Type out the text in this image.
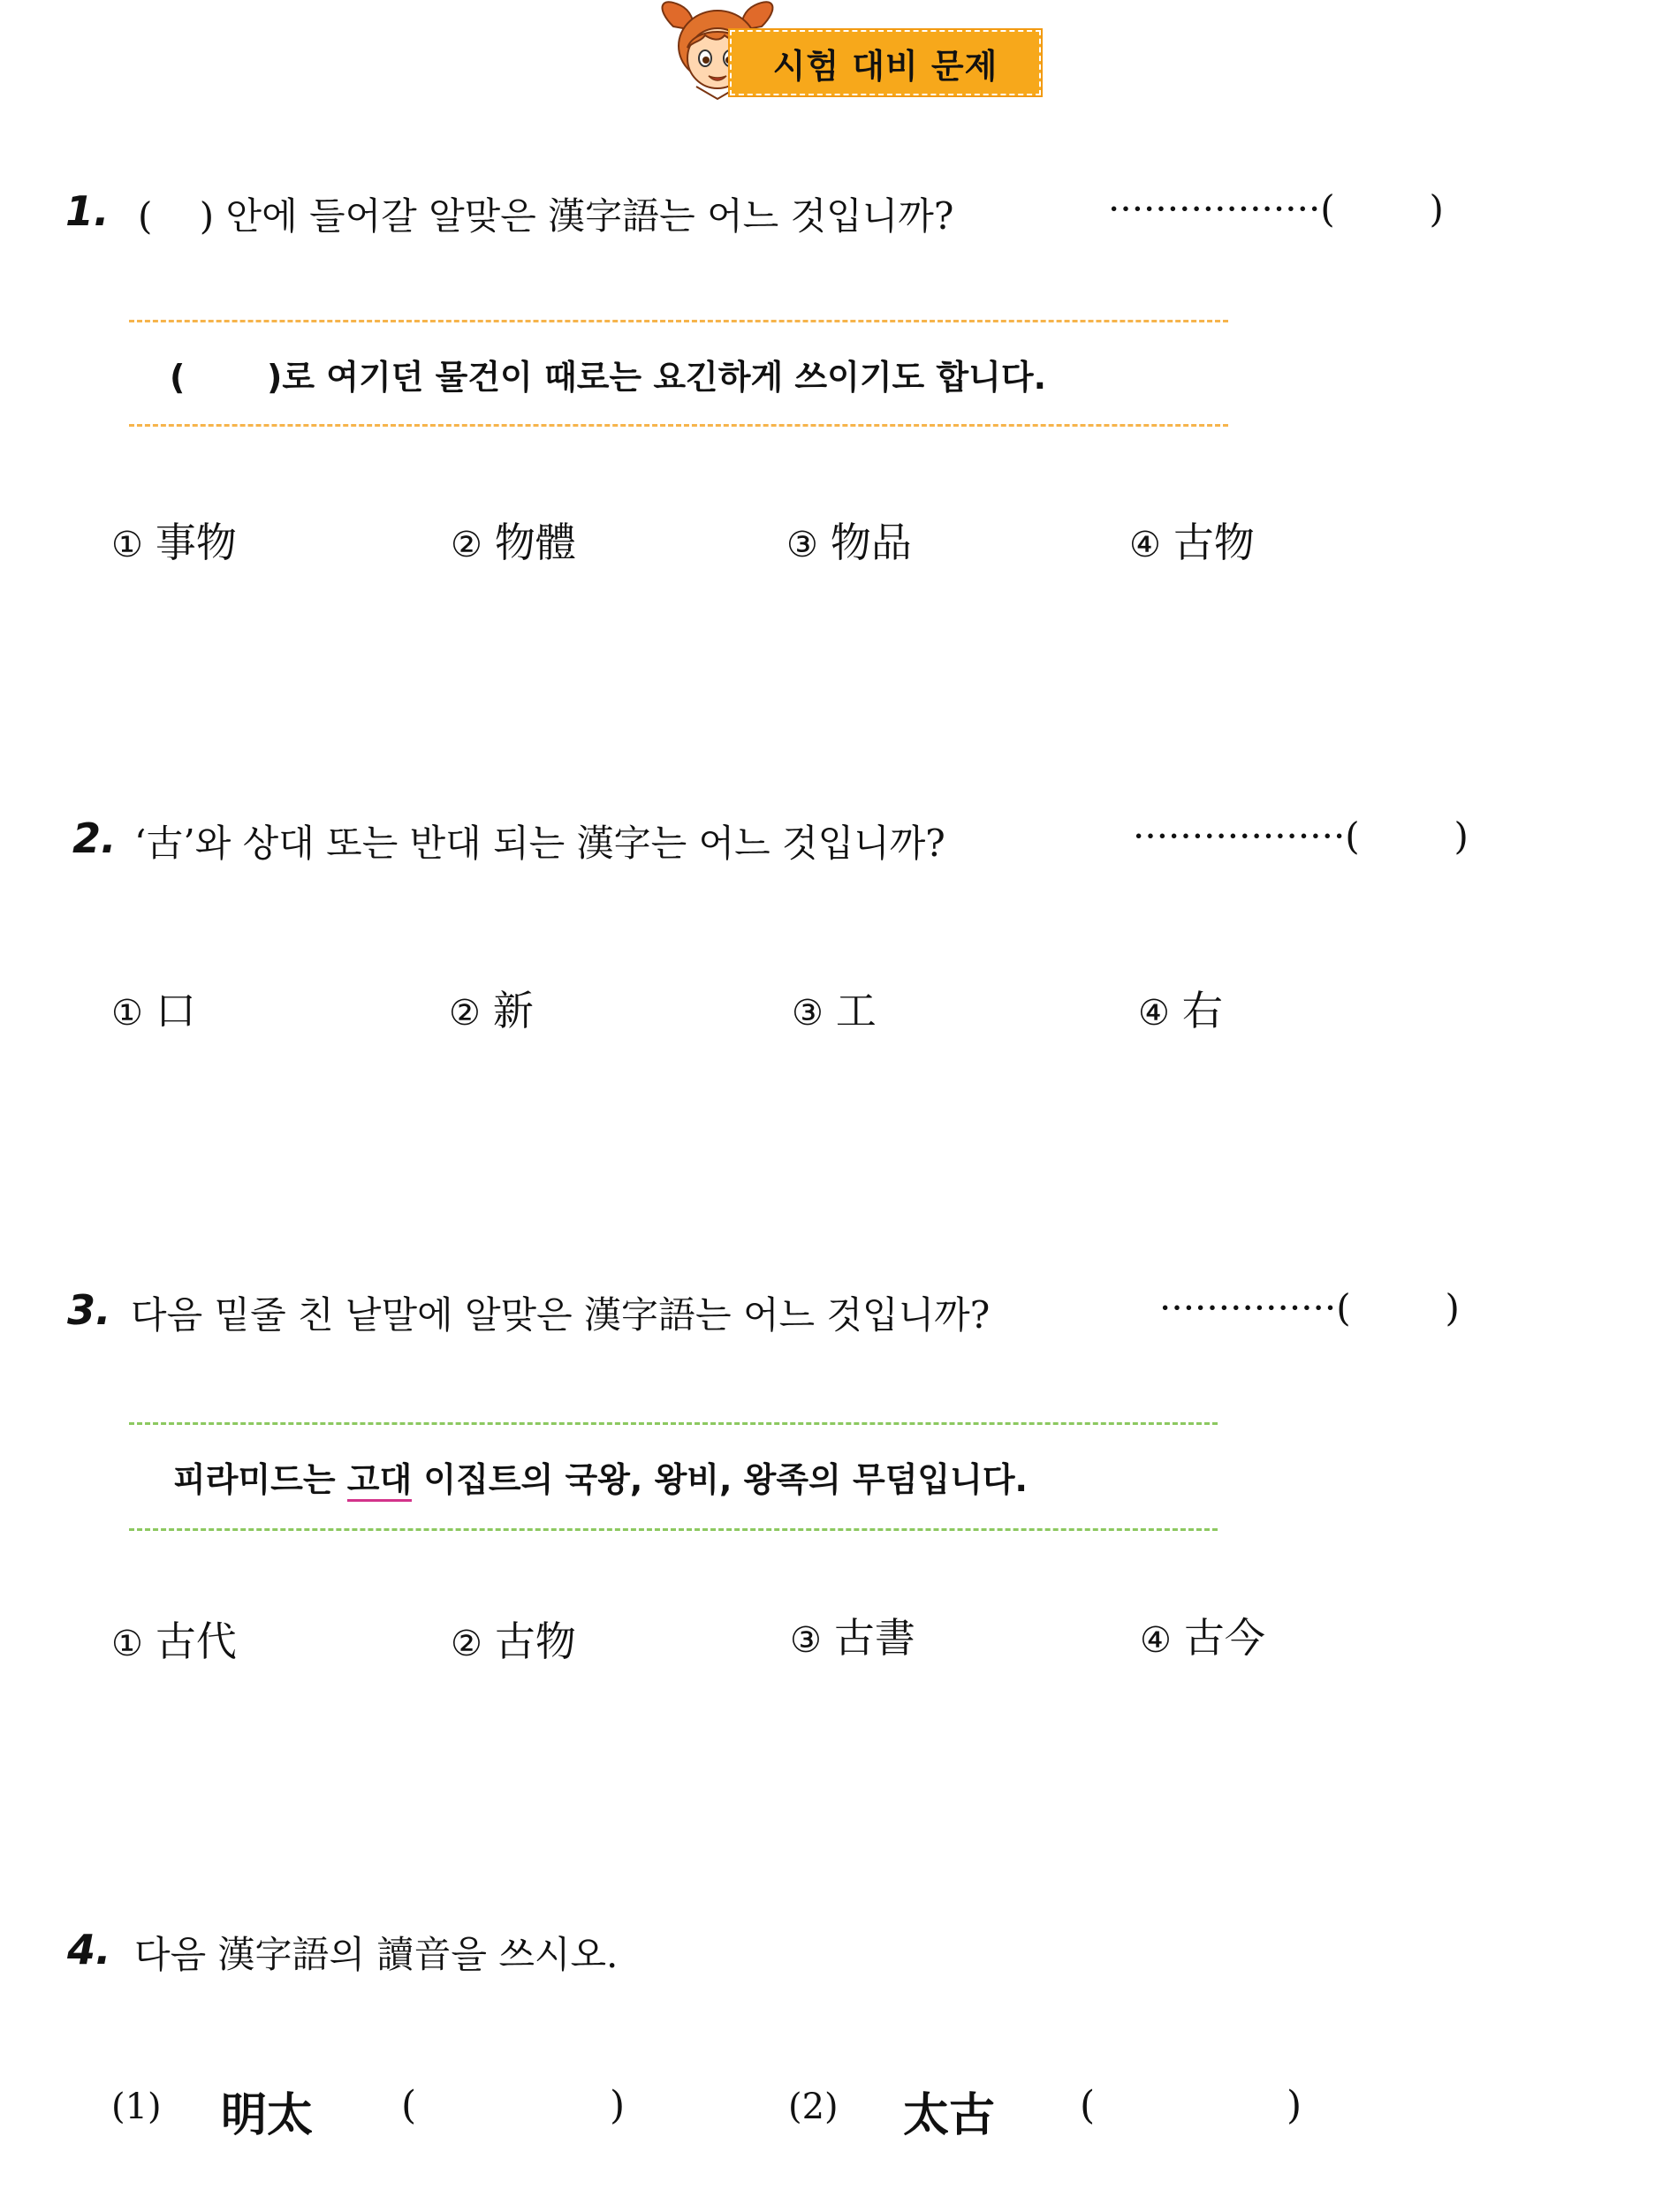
시험 대비 문제
1. (    ) 안에 들어갈 알맞은 漢字語는 어느 것입니까?	··················(        )
(       )로 여기던 물건이 때로는 요긴하게 쓰이기도 합니다.
① 事物	② 物體	③ 物品	④ 古物
2. ‘古’와 상대 또는 반대 되는 漢字는 어느 것입니까?	··················(        )
① 口	② 新	③ 工	④ 右
3. 다음 밑줄 친 낱말에 알맞은 漢字語는 어느 것입니까?	···············(        )
피라미드는 고대 이집트의 국왕, 왕비, 왕족의 무덤입니다.
① 古代	② 古物	③ 古書	④ 古今
4. 다음 漢字語의 讀音을 쓰시오.
(1) 明太 (	)	(2) 太古 (	)
